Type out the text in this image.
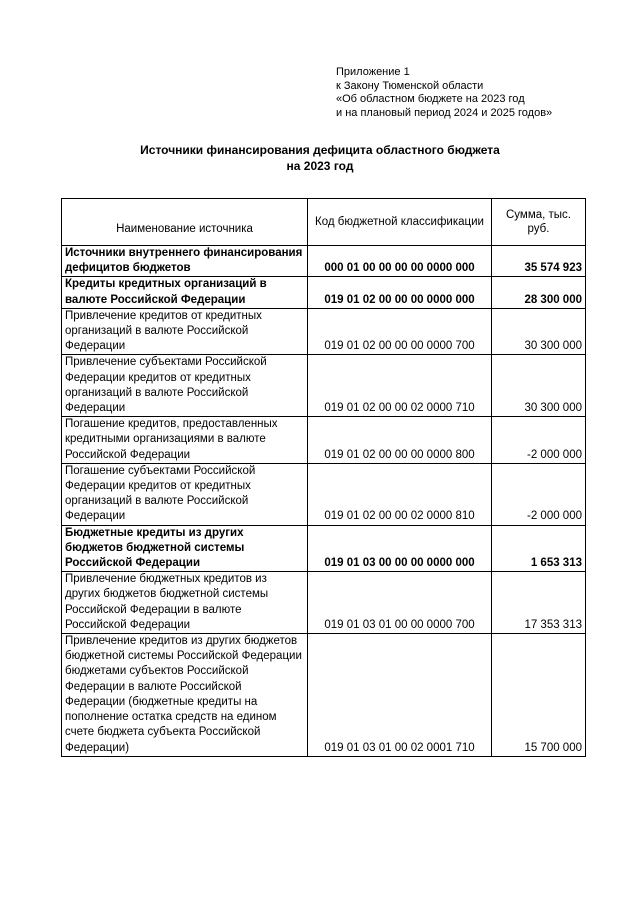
Приложение 1
к Закону Тюменской области
«Об областном бюджете на 2023 год
и на плановый период 2024 и 2025 годов»
Источники финансирования дефицита областного бюджета
на 2023 год
Наименование источника	Код бюджетной классификации	Сумма, тыс. руб.
Источники внутреннего финансирования дефицитов бюджетов	000 01 00 00 00 00 0000 000	35 574 923
Кредиты кредитных организаций в валюте Российской Федерации	019 01 02 00 00 00 0000 000	28 300 000
Привлечение кредитов от кредитных организаций в валюте Российской Федерации	019 01 02 00 00 00 0000 700	30 300 000
Привлечение субъектами Российской Федерации кредитов от кредитных организаций в валюте Российской Федерации	019 01 02 00 00 02 0000 710	30 300 000
Погашение кредитов, предоставленных кредитными организациями в валюте Российской Федерации	019 01 02 00 00 00 0000 800	-2 000 000
Погашение субъектами Российской Федерации кредитов от кредитных организаций в валюте Российской Федерации	019 01 02 00 00 02 0000 810	-2 000 000
Бюджетные кредиты из других бюджетов бюджетной системы Российской Федерации	019 01 03 00 00 00 0000 000	1 653 313
Привлечение бюджетных кредитов из других бюджетов бюджетной системы Российской Федерации в валюте Российской Федерации	019 01 03 01 00 00 0000 700	17 353 313
Привлечение кредитов из других бюджетов бюджетной системы Российской Федерации бюджетами субъектов Российской Федерации в валюте Российской Федерации (бюджетные кредиты на пополнение остатка средств на едином счете бюджета субъекта Российской Федерации)	019 01 03 01 00 02 0001 710	15 700 000
